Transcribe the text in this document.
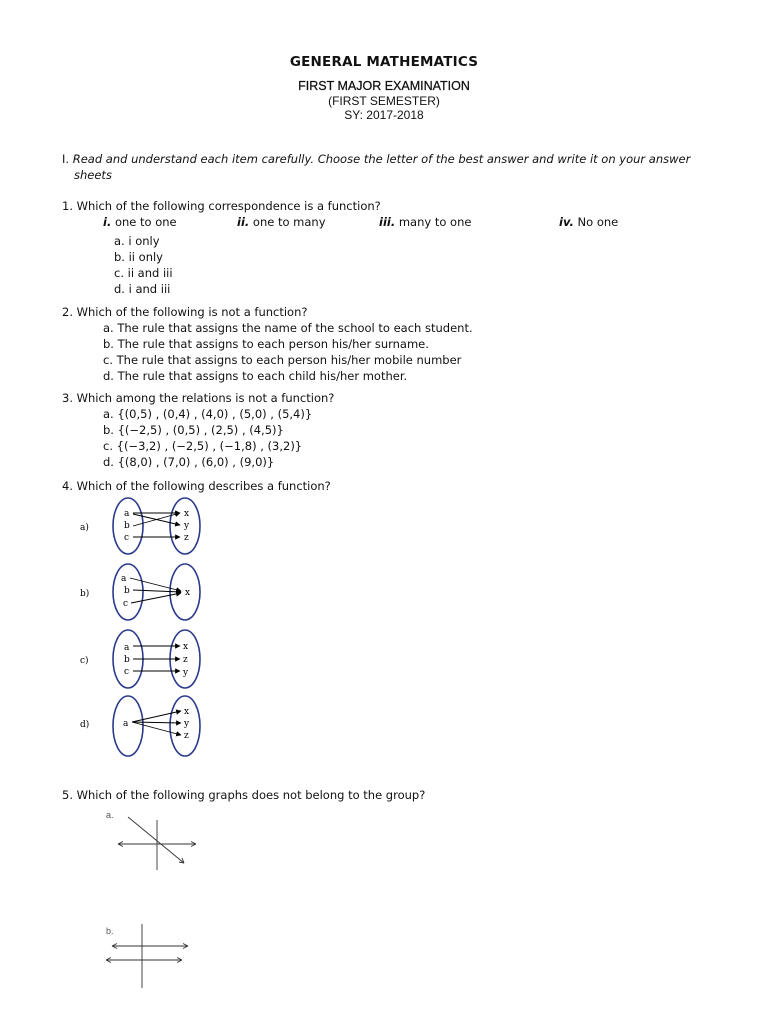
GENERAL MATHEMATICS
FIRST MAJOR EXAMINATION
(FIRST SEMESTER)
SY: 2017-2018
I. Read and understand each item carefully. Choose the letter of the best answer and write it on your answer
sheets
1. Which of the following correspondence is a function?
i. one to one	ii. one to many	iii. many to one	iv. No one
a. i only
b. ii only
c. ii and iii
d. i and iii
2. Which of the following is not a function?
a. The rule that assigns the name of the school to each student.
b. The rule that assigns to each person his/her surname.
c. The rule that assigns to each person his/her mobile number
d. The rule that assigns to each child his/her mother.
3. Which among the relations is not a function?
a. {(0,5) , (0,4) , (4,0) , (5,0) , (5,4)}
b. {(−2,5) , (0,5) , (2,5) , (4,5)}
c. {(−3,2) , (−2,5) , (−1,8) , (3,2)}
d. {(8,0) , (7,0) , (6,0) , (9,0)}
4. Which of the following describes a function?
a)
a
b
c
x
y
z
b)
a
b
c
x
c)
a
b
c
x
z
y
d)	a
x
y
z
5. Which of the following graphs does not belong to the group?
a.
b.
